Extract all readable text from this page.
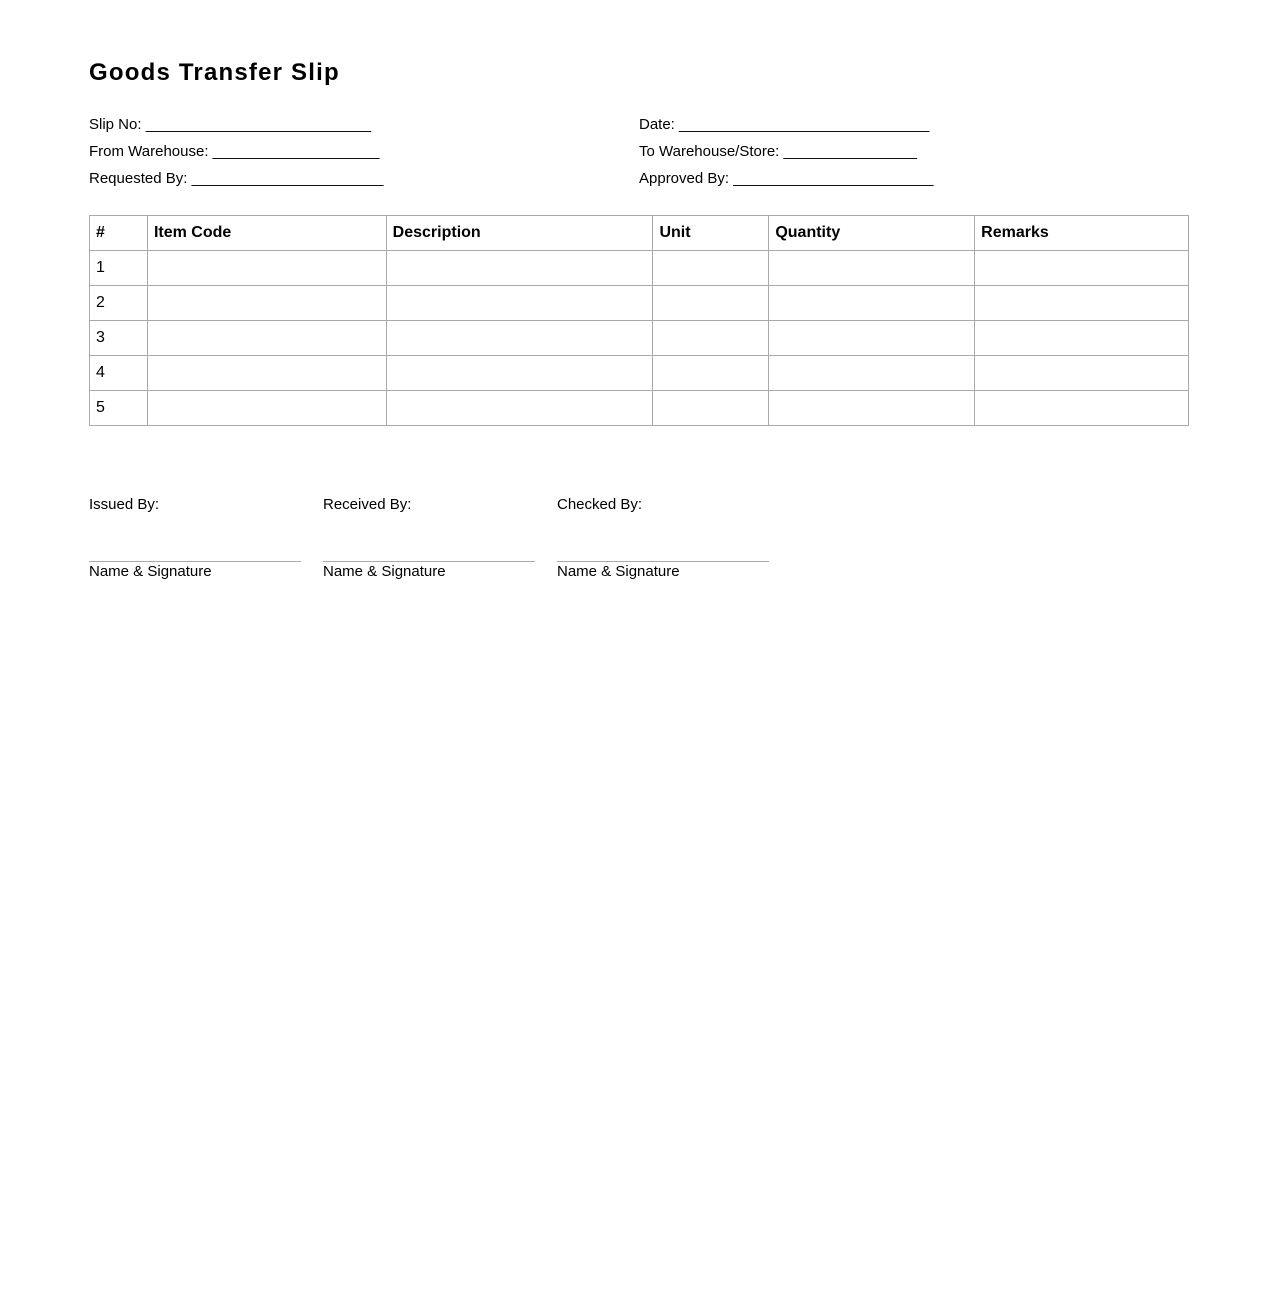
Goods Transfer Slip
Slip No: ___________________________
From Warehouse: ____________________
Requested By: _______________________
Date: ______________________________
To Warehouse/Store: ________________
Approved By: ________________________
#	Item Code	Description	Unit	Quantity	Remarks
1					
2					
3					
4					
5					
Issued By:
Name & Signature
Received By:
Name & Signature
Checked By:
Name & Signature
